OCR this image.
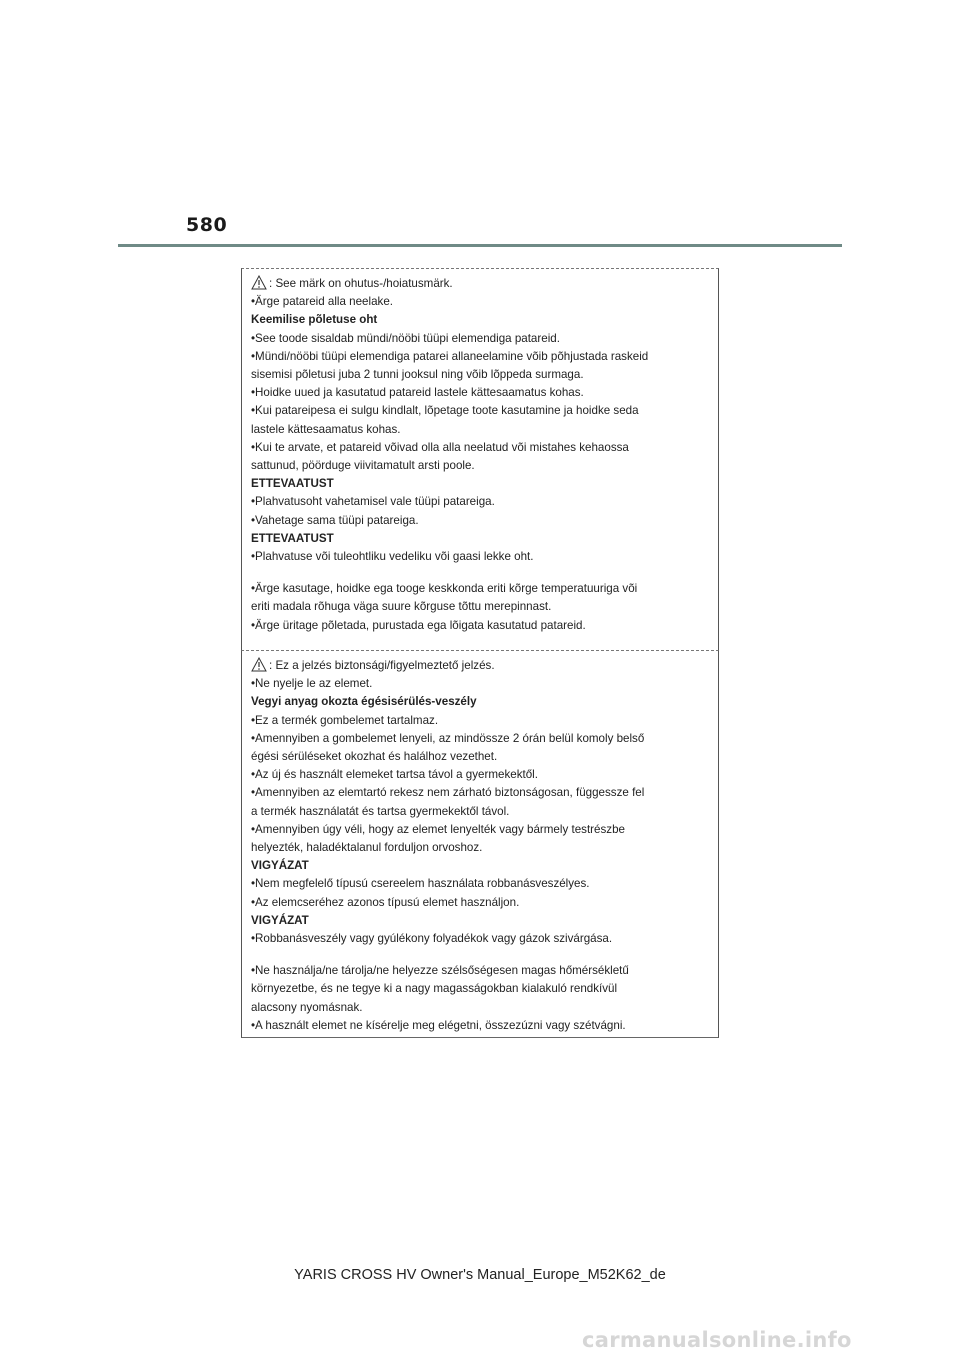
580
: See märk on ohutus-/hoiatusmärk.

•Ärge patareid alla neelake.

Keemilise põletuse oht

•See toode sisaldab mündi/nööbi tüüpi elemendiga patareid.

•Mündi/nööbi tüüpi elemendiga patarei allaneelamine võib põhjustada raskeid

sisemisi põletusi juba 2 tunni jooksul ning võib lõppeda surmaga.

•Hoidke uued ja kasutatud patareid lastele kättesaamatus kohas.

•Kui patareipesa ei sulgu kindlalt, lõpetage toote kasutamine ja hoidke seda

lastele kättesaamatus kohas.

•Kui te arvate, et patareid võivad olla alla neelatud või mistahes kehaossa

sattunud, pöörduge viivitamatult arsti poole.

ETTEVAATUST

•Plahvatusoht vahetamisel vale tüüpi patareiga.

•Vahetage sama tüüpi patareiga.

ETTEVAATUST

•Plahvatuse või tuleohtliku vedeliku või gaasi lekke oht.

•Ärge kasutage, hoidke ega tooge keskkonda eriti kõrge temperatuuriga või

eriti madala rõhuga väga suure kõrguse tõttu merepinnast.

•Ärge üritage põletada, purustada ega lõigata kasutatud patareid.

: Ez a jelzés biztonsági/figyelmeztető jelzés.

•Ne nyelje le az elemet.

Vegyi anyag okozta égésisérülés-veszély

•Ez a termék gombelemet tartalmaz.

•Amennyiben a gombelemet lenyeli, az mindössze 2 órán belül komoly belső

égési sérüléseket okozhat és halálhoz vezethet.

•Az új és használt elemeket tartsa távol a gyermekektől.

•Amennyiben az elemtartó rekesz nem zárható biztonságosan, függessze fel

a termék használatát és tartsa gyermekektől távol.

•Amennyiben úgy véli, hogy az elemet lenyelték vagy bármely testrészbe

helyezték, haladéktalanul forduljon orvoshoz.

VIGYÁZAT

•Nem megfelelő típusú csereelem használata robbanásveszélyes.

•Az elemcseréhez azonos típusú elemet használjon.

VIGYÁZAT

•Robbanásveszély vagy gyúlékony folyadékok vagy gázok szivárgása.

•Ne használja/ne tárolja/ne helyezze szélsőségesen magas hőmérsékletű

környezetbe, és ne tegye ki a nagy magasságokban kialakuló rendkívül

alacsony nyomásnak.

•A használt elemet ne kísérelje meg elégetni, összezúzni vagy szétvágni.

YARIS CROSS HV Owner's Manual_Europe_M52K62_de
carmanualsonline.info
